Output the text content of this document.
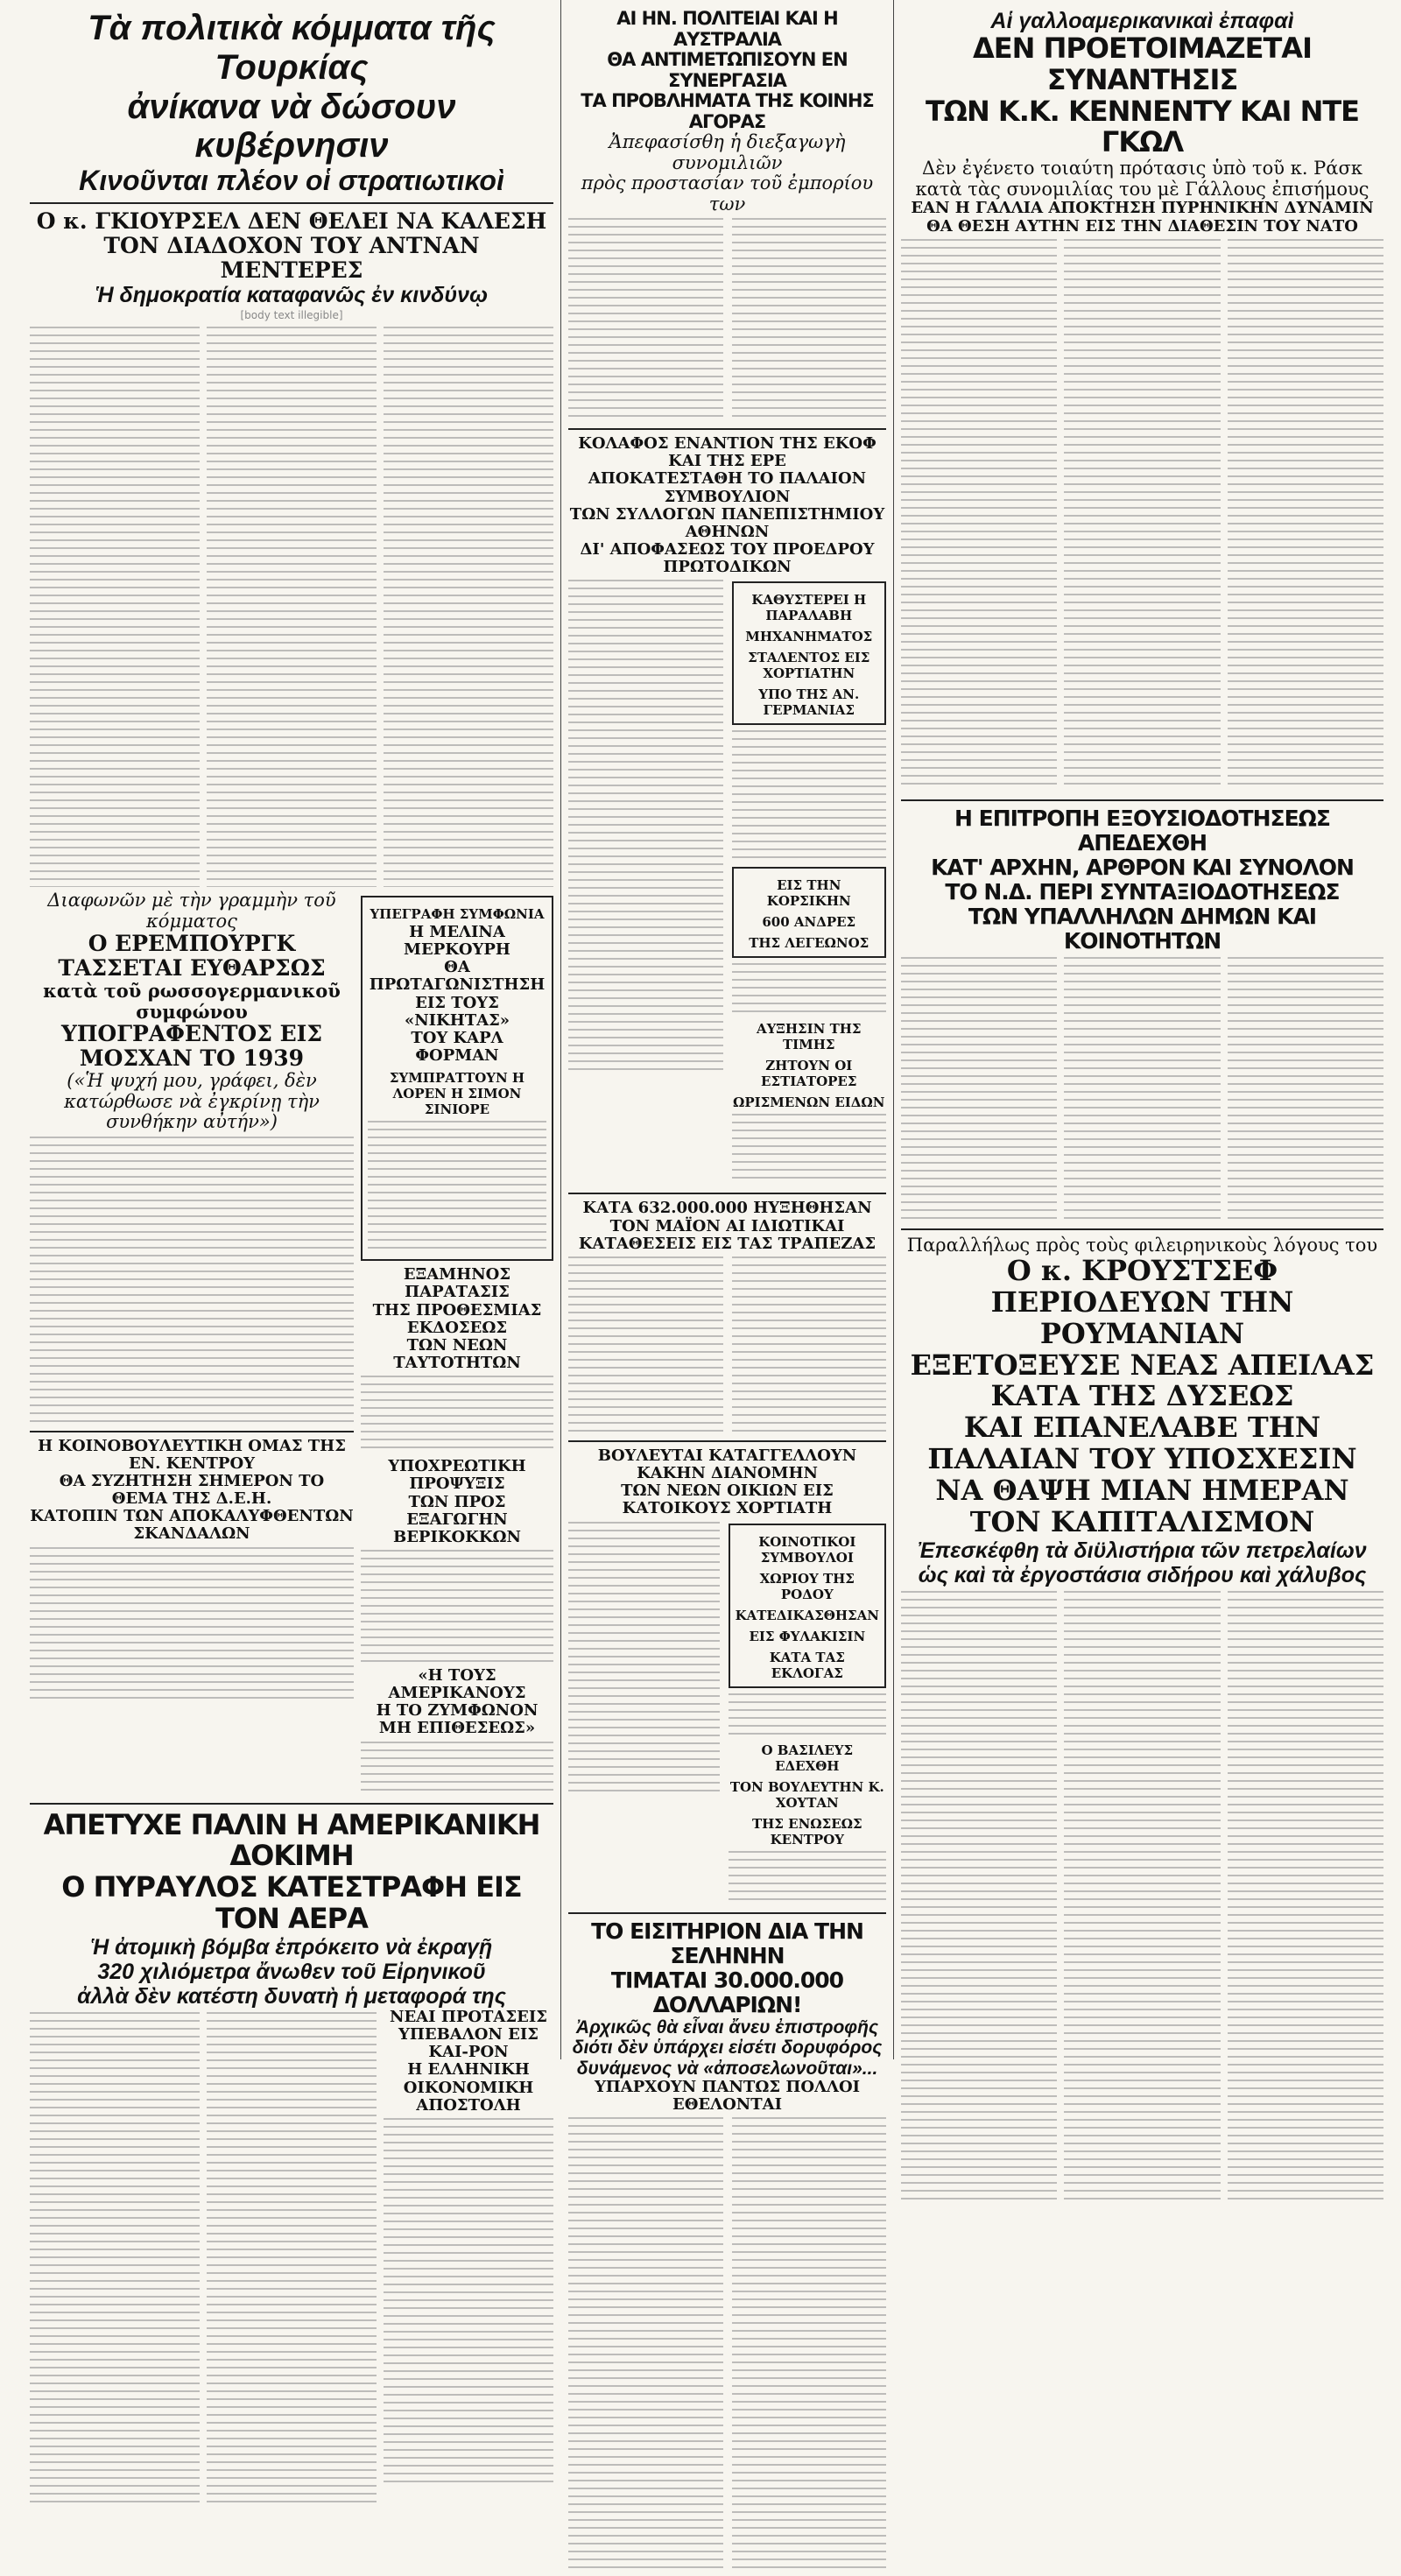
Τὰ πολιτικὰ κόμματα τῆς Τουρκίας
ἀνίκανα νὰ δώσουν κυβέρνησιν
Κινοῦνται πλέον οἱ στρατιωτικοὶ
Ο κ. ΓΚΙΟΥΡΣΕΛ ΔΕΝ ΘΕΛΕΙ ΝΑ ΚΑΛΕΣΗ
ΤΟΝ ΔΙΑΔΟΧΟΝ ΤΟΥ ΑΝΤΝΑΝ ΜΕΝΤΕΡΕΣ
Ἡ δημοκρατία καταφανῶς ἐν κινδύνῳ
[body text illegible]
Διαφωνῶν μὲ τὴν γραμμὴν τοῦ κόμματος
Ο ΕΡΕΜΠΟΥΡΓΚ ΤΑΣΣΕΤΑΙ ΕΥΘΑΡΣΩΣ
κατὰ τοῦ ρωσσογερμανικοῦ συμφώνου
ΥΠΟΓΡΑΦΕΝΤΟΣ ΕΙΣ ΜΟΣΧΑΝ ΤΟ 1939
(«Ἡ ψυχή μου, γράφει, δὲν κατώρθωσε νὰ ἐγκρίνῃ τὴν συνθήκην αὐτήν»)
Η ΚΟΙΝΟΒΟΥΛΕΥΤΙΚΗ ΟΜΑΣ ΤΗΣ ΕΝ. ΚΕΝΤΡΟΥ
ΘΑ ΣΥΖΗΤΗΣΗ ΣΗΜΕΡΟΝ ΤΟ ΘΕΜΑ ΤΗΣ Δ.Ε.Η.
ΚΑΤΟΠΙΝ ΤΩΝ ΑΠΟΚΑΛΥΦΘΕΝΤΩΝ ΣΚΑΝΔΑΛΩΝ
ΥΠΕΓΡΑΦΗ ΣΥΜΦΩΝΙΑ
Η ΜΕΛΙΝΑ ΜΕΡΚΟΥΡΗ
ΘΑ ΠΡΩΤΑΓΩΝΙΣΤΗΣΗ
ΕΙΣ ΤΟΥΣ «ΝΙΚΗΤΑΣ»
ΤΟΥ ΚΑΡΛ ΦΟΡΜΑΝ
ΣΥΜΠΡΑΤΤΟΥΝ Η ΛΟΡΕΝ Η ΣΙΜΟΝ ΣΙΝΙΟΡΕ
ΕΞΑΜΗΝΟΣ ΠΑΡΑΤΑΣΙΣ
ΤΗΣ ΠΡΟΘΕΣΜΙΑΣ
ΕΚΔΟΣΕΩΣ
ΤΩΝ ΝΕΩΝ ΤΑΥΤΟΤΗΤΩΝ
ΥΠΟΧΡΕΩΤΙΚΗ ΠΡΟΨΥΞΙΣ
ΤΩΝ ΠΡΟΣ ΕΞΑΓΩΓΗΝ
ΒΕΡΙΚΟΚΚΩΝ
«Η ΤΟΥΣ ΑΜΕΡΙΚΑΝΟΥΣ
Η ΤΟ ΖΥΜΦΩΝΟΝ
ΜΗ ΕΠΙΘΕΣΕΩΣ»
ΑΠΕΤΥΧΕ ΠΑΛΙΝ Η ΑΜΕΡΙΚΑΝΙΚΗ ΔΟΚΙΜΗ
Ο ΠΥΡΑΥΛΟΣ ΚΑΤΕΣΤΡΑΦΗ ΕΙΣ ΤΟΝ ΑΕΡΑ
Ἡ ἀτομικὴ βόμβα ἐπρόκειτο νὰ ἐκραγῇ
320 χιλιόμετρα ἄνωθεν τοῦ Εἰρηνικοῦ
ἀλλὰ δὲν κατέστη δυνατὴ ἡ μεταφορά της
ΝΕΑΙ ΠΡΟΤΑΣΕΙΣ
ΥΠΕΒΑΛΟΝ ΕΙΣ ΚΑΙ-ΡΟΝ
Η ΕΛΛΗΝΙΚΗ
ΟΙΚΟΝΟΜΙΚΗ ΑΠΟΣΤΟΛΗ
ΑΙ ΗΝ. ΠΟΛΙΤΕΙΑΙ ΚΑΙ Η ΑΥΣΤΡΑΛΙΑ
ΘΑ ΑΝΤΙΜΕΤΩΠΙΣΟΥΝ ΕΝ ΣΥΝΕΡΓΑΣΙΑ
ΤΑ ΠΡΟΒΛΗΜΑΤΑ ΤΗΣ ΚΟΙΝΗΣ ΑΓΟΡΑΣ
Ἀπεφασίσθη ἡ διεξαγωγὴ συνομιλιῶν
πρὸς προστασίαν τοῦ ἐμπορίου των
ΚΟΛΑΦΟΣ ΕΝΑΝΤΙΟΝ ΤΗΣ ΕΚΟΦ ΚΑΙ ΤΗΣ ΕΡΕ
ΑΠΟΚΑΤΕΣΤΑΘΗ ΤΟ ΠΑΛΑΙΟΝ ΣΥΜΒΟΥΛΙΟΝ
ΤΩΝ ΣΥΛΛΟΓΩΝ ΠΑΝΕΠΙΣΤΗΜΙΟΥ ΑΘΗΝΩΝ
ΔΙ' ΑΠΟΦΑΣΕΩΣ ΤΟΥ ΠΡΟΕΔΡΟΥ ΠΡΩΤΟΔΙΚΩΝ
ΚΑΘΥΣΤΕΡΕΙ Η ΠΑΡΑΛΑΒΗ
ΜΗΧΑΝΗΜΑΤΟΣ
ΣΤΑΛΕΝΤΟΣ ΕΙΣ ΧΟΡΤΙΑΤΗΝ
ΥΠΟ ΤΗΣ ΑΝ. ΓΕΡΜΑΝΙΑΣ
ΕΙΣ ΤΗΝ ΚΟΡΣΙΚΗΝ
600 ΑΝΔΡΕΣ
ΤΗΣ ΛΕΓΕΩΝΟΣ
ΑΥΞΗΣΙΝ ΤΗΣ ΤΙΜΗΣ
ΖΗΤΟΥΝ ΟΙ ΕΣΤΙΑΤΟΡΕΣ
ΩΡΙΣΜΕΝΩΝ ΕΙΔΩΝ
ΚΑΤΑ 632.000.000 ΗΥΞΗΘΗΣΑΝ ΤΟΝ ΜΑΪΟΝ ΑΙ ΙΔΙΩΤΙΚΑΙ ΚΑΤΑΘΕΣΕΙΣ ΕΙΣ ΤΑΣ ΤΡΑΠΕΖΑΣ
ΒΟΥΛΕΥΤΑΙ ΚΑΤΑΓΓΕΛΛΟΥΝ ΚΑΚΗΝ ΔΙΑΝΟΜΗΝ
ΤΩΝ ΝΕΩΝ ΟΙΚΙΩΝ ΕΙΣ ΚΑΤΟΙΚΟΥΣ ΧΟΡΤΙΑΤΗ
ΚΟΙΝΟΤΙΚΟΙ ΣΥΜΒΟΥΛΟΙ
ΧΩΡΙΟΥ ΤΗΣ ΡΟΔΟΥ
ΚΑΤΕΔΙΚΑΣΘΗΣΑΝ
ΕΙΣ ΦΥΛΑΚΙΣΙΝ
ΚΑΤΑ ΤΑΣ ΕΚΛΟΓΑΣ
Ο ΒΑΣΙΛΕΥΣ ΕΔΕΧΘΗ
ΤΟΝ ΒΟΥΛΕΥΤΗΝ Κ. ΧΟΥΤΑΝ
ΤΗΣ ΕΝΩΣΕΩΣ ΚΕΝΤΡΟΥ
ΤΟ ΕΙΣΙΤΗΡΙΟΝ ΔΙΑ ΤΗΝ ΣΕΛΗΝΗΝ
ΤΙΜΑΤΑΙ 30.000.000 ΔΟΛΛΑΡΙΩΝ!
Ἀρχικῶς θὰ εἶναι ἄνευ ἐπιστροφῆς
διότι δὲν ὑπάρχει εἰσέτι δορυφόρος
δυνάμενος νὰ «ἀποσελωνοῦται»...
ΥΠΑΡΧΟΥΝ ΠΑΝΤΩΣ ΠΟΛΛΟΙ ΕΘΕΛΟΝΤΑΙ
Αἱ γαλλοαμερικανικαὶ ἐπαφαὶ
ΔΕΝ ΠΡΟΕΤΟΙΜΑΖΕΤΑΙ ΣΥΝΑΝΤΗΣΙΣ
ΤΩΝ Κ.Κ. ΚΕΝΝΕΝΤΥ ΚΑΙ ΝΤΕ ΓΚΩΛ
Δὲν ἐγένετο τοιαύτη πρότασις ὑπὸ τοῦ κ. Ράσκ
κατὰ τὰς συνομιλίας του μὲ Γάλλους ἐπισήμους
ΕΑΝ Η ΓΑΛΛΙΑ ΑΠΟΚΤΗΣΗ ΠΥΡΗΝΙΚΗΝ ΔΥΝΑΜΙΝ
ΘΑ ΘΕΣΗ ΑΥΤΗΝ ΕΙΣ ΤΗΝ ΔΙΑΘΕΣΙΝ ΤΟΥ ΝΑΤΟ
Η ΕΠΙΤΡΟΠΗ ΕΞΟΥΣΙΟΔΟΤΗΣΕΩΣ ΑΠΕΔΕΧΘΗ
ΚΑΤ' ΑΡΧΗΝ, ΑΡΘΡΟΝ ΚΑΙ ΣΥΝΟΛΟΝ
ΤΟ Ν.Δ. ΠΕΡΙ ΣΥΝΤΑΞΙΟΔΟΤΗΣΕΩΣ
ΤΩΝ ΥΠΑΛΛΗΛΩΝ ΔΗΜΩΝ ΚΑΙ ΚΟΙΝΟΤΗΤΩΝ
Παραλλήλως πρὸς τοὺς φιλειρηνικοὺς λόγους του
Ο κ. ΚΡΟΥΣΤΣΕΦ ΠΕΡΙΟΔΕΥΩΝ ΤΗΝ ΡΟΥΜΑΝΙΑΝ
ΕΞΕΤΟΞΕΥΣΕ ΝΕΑΣ ΑΠΕΙΛΑΣ ΚΑΤΑ ΤΗΣ ΔΥΣΕΩΣ
ΚΑΙ ΕΠΑΝΕΛΑΒΕ ΤΗΝ ΠΑΛΑΙΑΝ ΤΟΥ ΥΠΟΣΧΕΣΙΝ
ΝΑ ΘΑΨΗ ΜΙΑΝ ΗΜΕΡΑΝ ΤΟΝ ΚΑΠΙΤΑΛΙΣΜΟΝ
Ἐπεσκέφθη τὰ διϋλιστήρια τῶν πετρελαίων
ὡς καὶ τὰ ἐργοστάσια σιδήρου καὶ χάλυβος
